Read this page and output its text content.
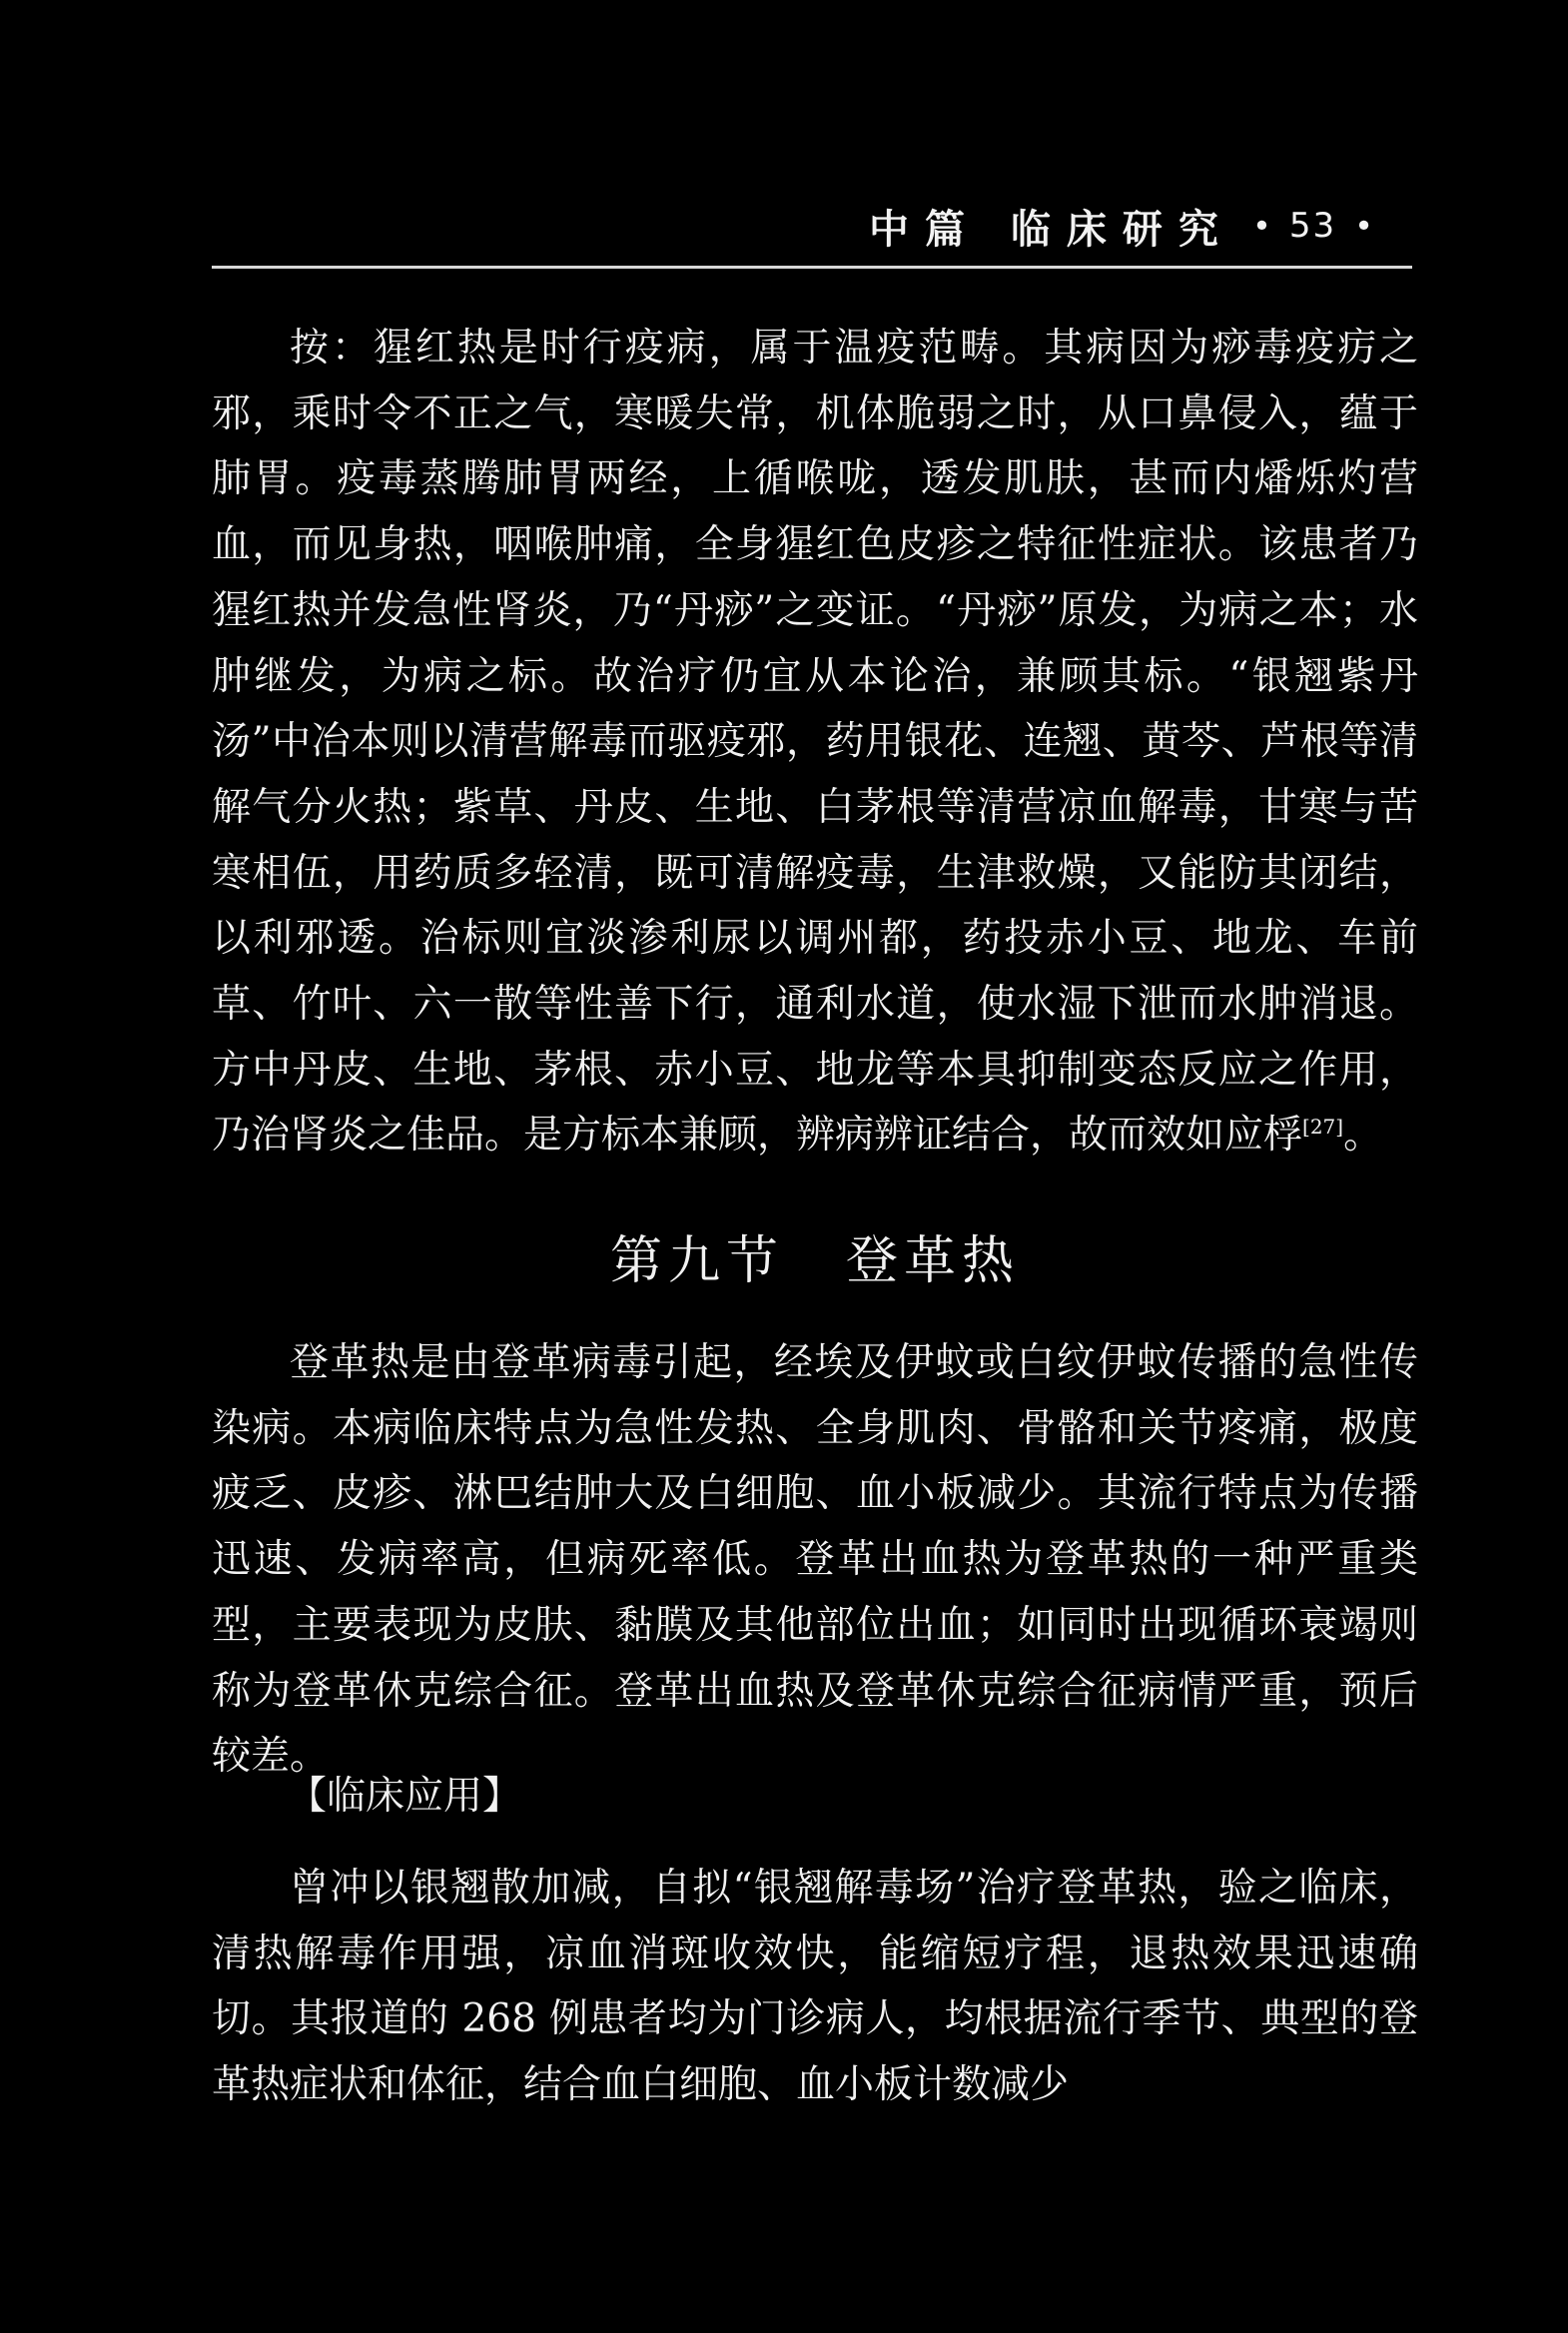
中篇 临床研究 • 53 •

按：猩红热是时行疫病，属于温疫范畴。其病因为痧毒疫疠之邪，乘时令不正之气，寒暖失常，机体脆弱之时，从口鼻侵入，蕴于肺胃。疫毒蒸腾肺胃两经，上循喉咙，透发肌肤，甚而内燔烁灼营血，而见身热，咽喉肿痛，全身猩红色皮疹之特征性症状。该患者乃猩红热并发急性肾炎，乃“丹痧”之变证。“丹痧”原发，为病之本；水肿继发，为病之标。故治疗仍宜从本论治，兼顾其标。“银翘紫丹汤”中冶本则以清营解毒而驱疫邪，药用银花、连翘、黄芩、芦根等清解气分火热；紫草、丹皮、生地、白茅根等清营凉血解毒，甘寒与苦寒相伍，用药质多轻清，既可清解疫毒，生津救燥，又能防其闭结，以利邪透。治标则宜淡渗利尿以调州都，药投赤小豆、地龙、车前草、竹叶、六一散等性善下行，通利水道，使水湿下泄而水肿消退。方中丹皮、生地、茅根、赤小豆、地龙等本具抑制变态反应之作用，乃治肾炎之佳品。是方标本兼顾，辨病辨证结合，故而效如应桴[27]。

第九节 登革热

登革热是由登革病毒引起，经埃及伊蚊或白纹伊蚊传播的急性传染病。本病临床特点为急性发热、全身肌肉、骨骼和关节疼痛，极度疲乏、皮疹、淋巴结肿大及白细胞、血小板减少。其流行特点为传播迅速、发病率高，但病死率低。登革出血热为登革热的一种严重类型，主要表现为皮肤、黏膜及其他部位出血；如同时出现循环衰竭则称为登革休克综合征。登革出血热及登革休克综合征病情严重，预后较差。

【临床应用】

曾冲以银翘散加减，自拟“银翘解毒场”治疗登革热，验之临床，清热解毒作用强，凉血消斑收效快，能缩短疗程，退热效果迅速确切。其报道的 268 例患者均为门诊病人，均根据流行季节、典型的登革热症状和体征，结合血白细胞、血小板计数减少
